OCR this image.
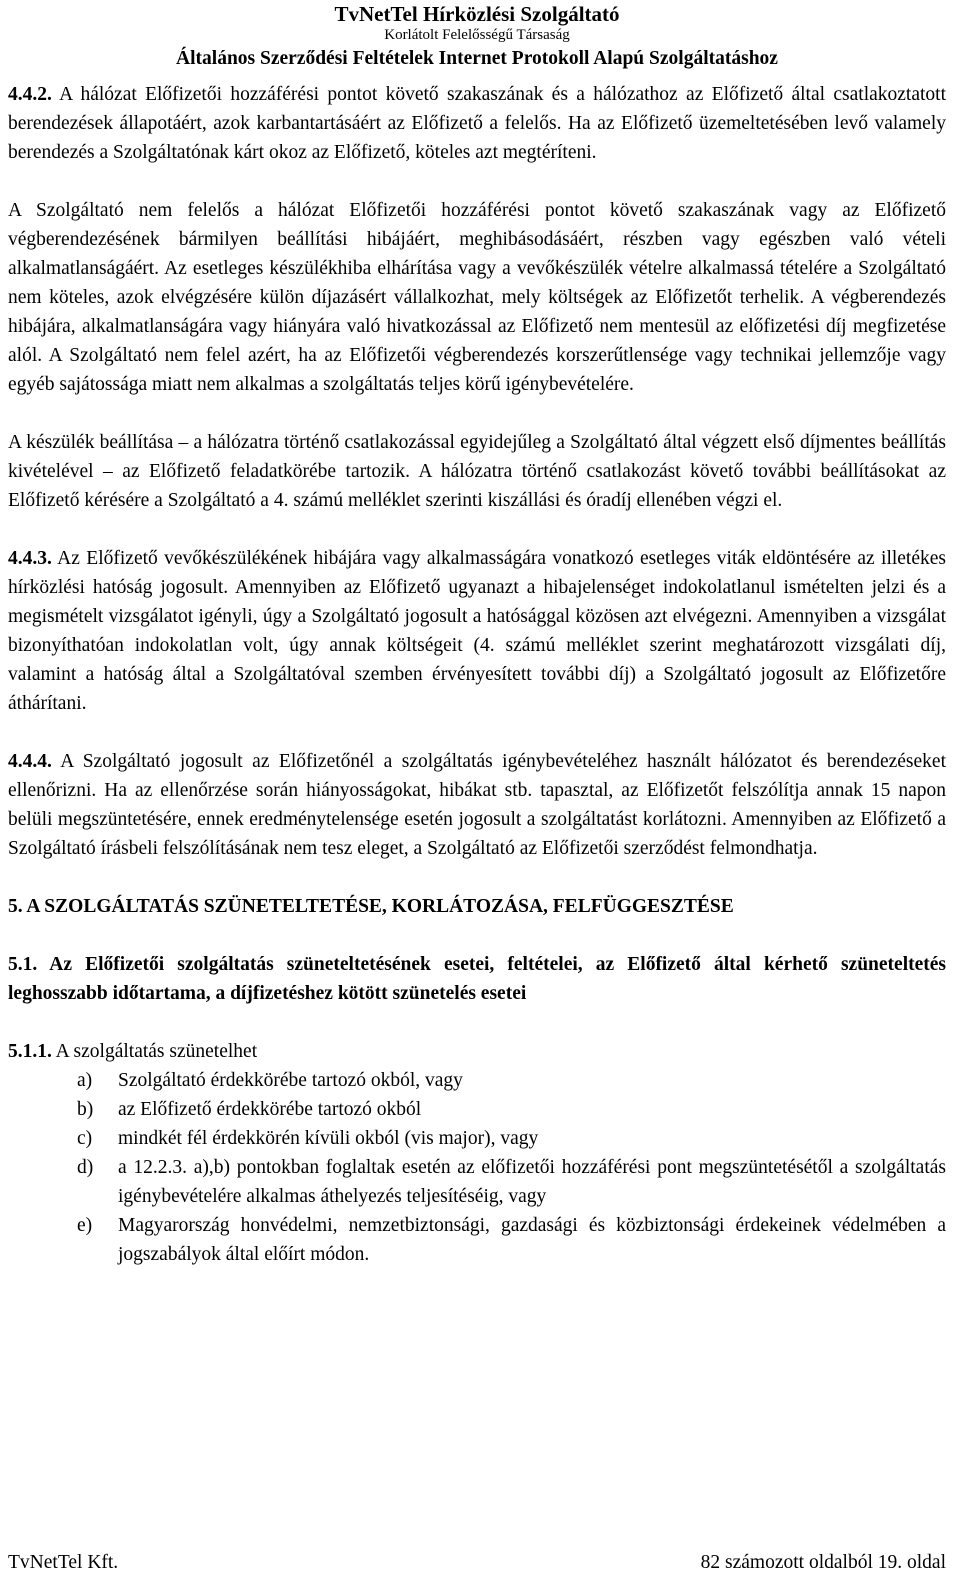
TvNetTel Hírközlési Szolgáltató
Korlátolt Felelősségű Társaság
Általános Szerződési Feltételek Internet Protokoll Alapú Szolgáltatáshoz

4.4.2. A hálózat Előfizetői hozzáférési pontot követő szakaszának és a hálózathoz az Előfizető által csatlakoztatott berendezések állapotáért, azok karbantartásáért az Előfizető a felelős. Ha az Előfizető üzemeltetésében levő valamely berendezés a Szolgáltatónak kárt okoz az Előfizető, köteles azt megtéríteni.

A Szolgáltató nem felelős a hálózat Előfizetői hozzáférési pontot követő szakaszának vagy az Előfizető végberendezésének bármilyen beállítási hibájáért, meghibásodásáért, részben vagy egészben való vételi alkalmatlanságáért. Az esetleges készülékhiba elhárítása vagy a vevőkészülék vételre alkalmassá tételére a Szolgáltató nem köteles, azok elvégzésére külön díjazásért vállalkozhat, mely költségek az Előfizetőt terhelik. A végberendezés hibájára, alkalmatlanságára vagy hiányára való hivatkozással az Előfizető nem mentesül az előfizetési díj megfizetése alól. A Szolgáltató nem felel azért, ha az Előfizetői végberendezés korszerűtlensége vagy technikai jellemzője vagy egyéb sajátossága miatt nem alkalmas a szolgáltatás teljes körű igénybevételére.

A készülék beállítása – a hálózatra történő csatlakozással egyidejűleg a Szolgáltató által végzett első díjmentes beállítás kivételével – az Előfizető feladatkörébe tartozik. A hálózatra történő csatlakozást követő további beállításokat az Előfizető kérésére a Szolgáltató a 4. számú melléklet szerinti kiszállási és óradíj ellenében végzi el.

4.4.3. Az Előfizető vevőkészülékének hibájára vagy alkalmasságára vonatkozó esetleges viták eldöntésére az illetékes hírközlési hatóság jogosult. Amennyiben az Előfizető ugyanazt a hibajelenséget indokolatlanul ismételten jelzi és a megismételt vizsgálatot igényli, úgy a Szolgáltató jogosult a hatósággal közösen azt elvégezni. Amennyiben a vizsgálat bizonyíthatóan indokolatlan volt, úgy annak költségeit (4. számú melléklet szerint meghatározott vizsgálati díj, valamint a hatóság által a Szolgáltatóval szemben érvényesített további díj) a Szolgáltató jogosult az Előfizetőre áthárítani.

4.4.4. A Szolgáltató jogosult az Előfizetőnél a szolgáltatás igénybevételéhez használt hálózatot és berendezéseket ellenőrizni. Ha az ellenőrzése során hiányosságokat, hibákat stb. tapasztal, az Előfizetőt felszólítja annak 15 napon belüli megszüntetésére, ennek eredménytelensége esetén jogosult a szolgáltatást korlátozni. Amennyiben az Előfizető a Szolgáltató írásbeli felszólításának nem tesz eleget, a Szolgáltató az Előfizetői szerződést felmondhatja.

5. A SZOLGÁLTATÁS SZÜNETELTETÉSE, KORLÁTOZÁSA, FELFÜGGESZTÉSE

5.1. Az Előfizetői szolgáltatás szüneteltetésének esetei, feltételei, az Előfizető által kérhető szüneteltetés leghosszabb időtartama, a díjfizetéshez kötött szünetelés esetei

5.1.1. A szolgáltatás szünetelhet

a) Szolgáltató érdekkörébe tartozó okból, vagy
b) az Előfizető érdekkörébe tartozó okból
c) mindkét fél érdekkörén kívüli okból (vis major), vagy
d) a 12.2.3. a),b) pontokban foglaltak esetén az előfizetői hozzáférési pont megszüntetésétől a szolgáltatás igénybevételére alkalmas áthelyezés teljesítéséig, vagy
e) Magyarország honvédelmi, nemzetbiztonsági, gazdasági és közbiztonsági érdekeinek védelmében a jogszabályok által előírt módon.
TvNetTel Kft.	82 számozott oldalból 19. oldal
